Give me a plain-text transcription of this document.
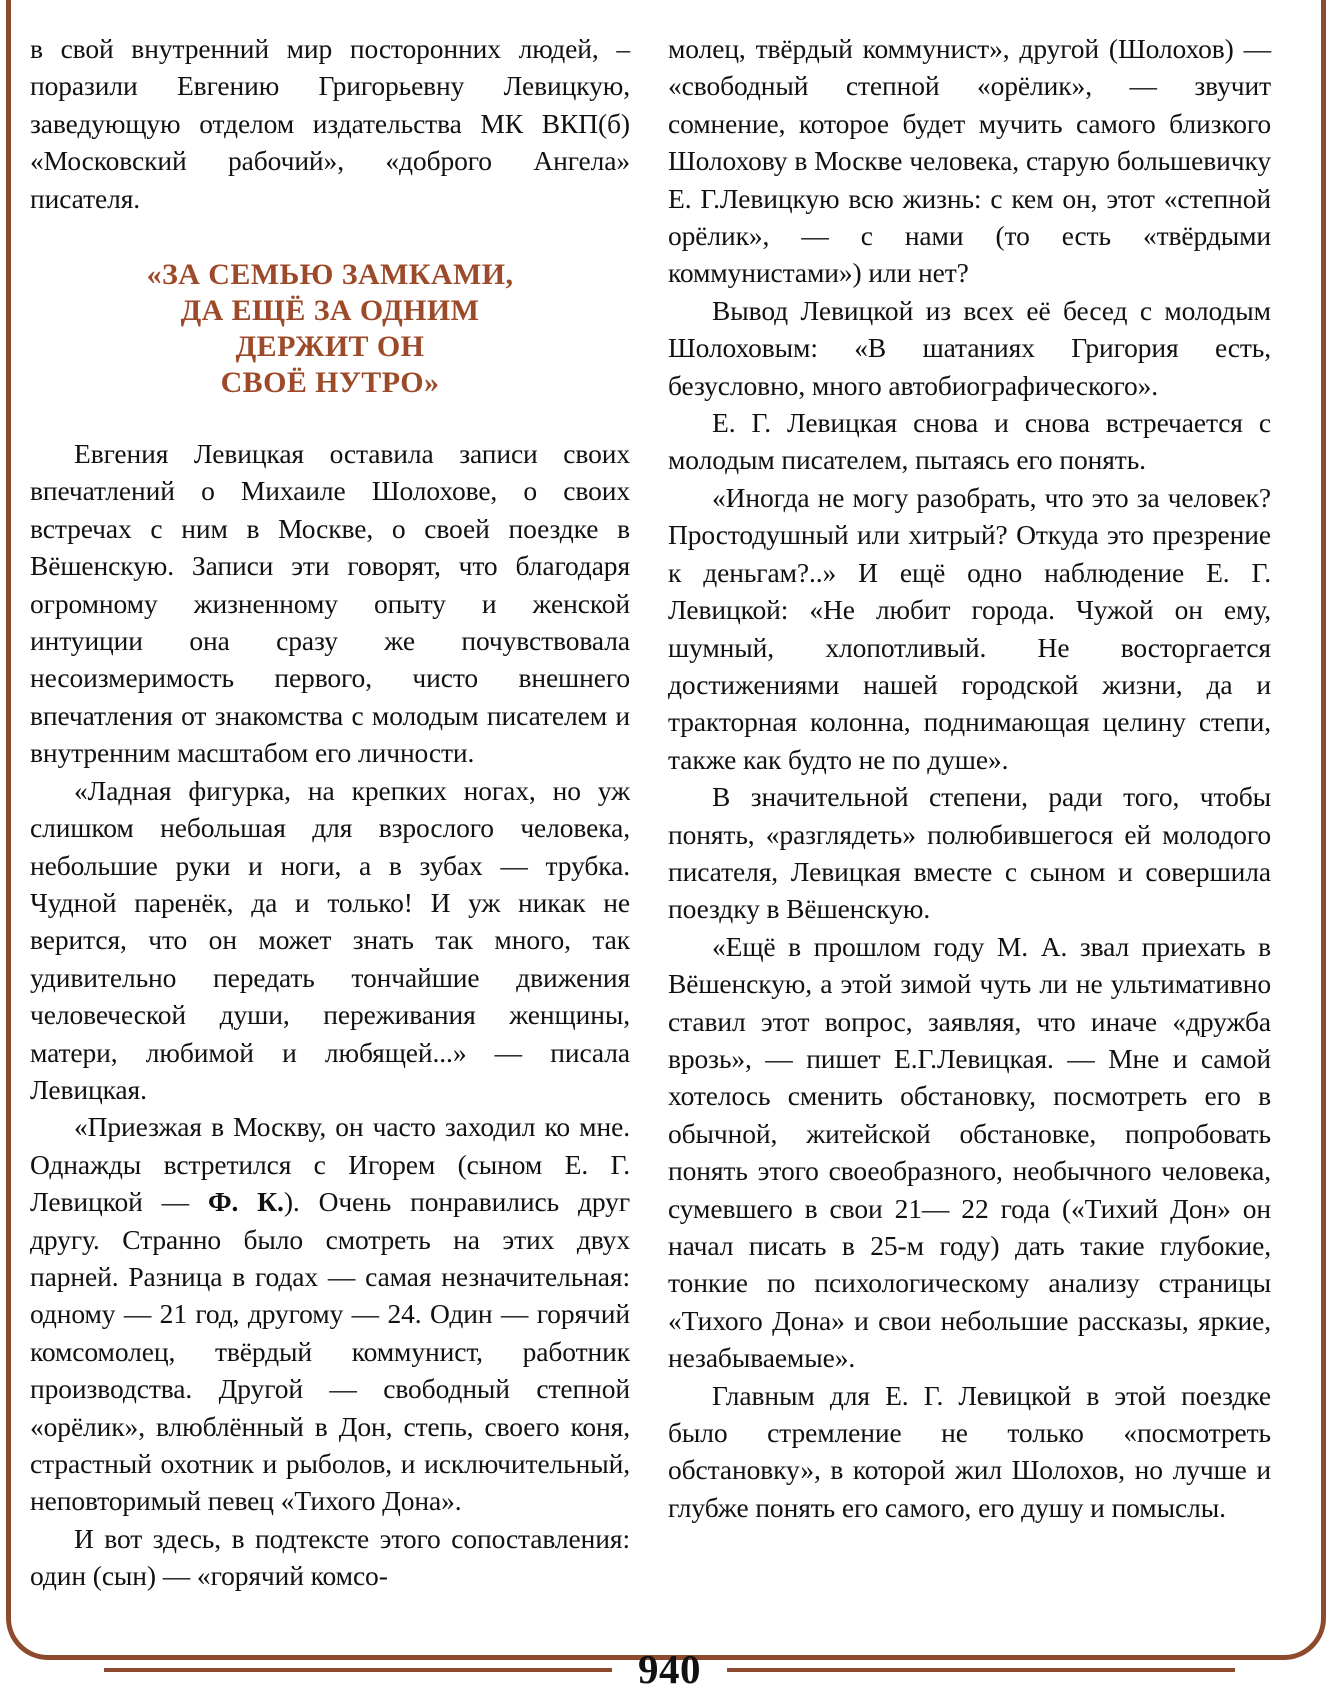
в свой внутренний мир посторонних людей, – поразили Евгению Григорьевну Левицкую, заведующую отделом издательства МК ВКП(б) «Московский рабочий», «доброго Ангела» писателя.

«ЗА СЕМЬЮ ЗАМКАМИ,
ДА ЕЩЁ ЗА ОДНИМ
ДЕРЖИТ ОН
СВОЁ НУТРО»

Евгения Левицкая оставила записи своих впечатлений о Михаиле Шолохове, о своих встречах с ним в Москве, о своей поездке в Вёшенскую. Записи эти говорят, что благодаря огромному жизненному опыту и женской интуиции она сразу же почувствовала несоизмеримость первого, чисто внешнего впечатления от знакомства с молодым писателем и внутренним масштабом его личности.

«Ладная фигурка, на крепких ногах, но уж слишком небольшая для взрослого человека, небольшие руки и ноги, а в зубах — трубка. Чудной паренёк, да и только! И уж никак не верится, что он может знать так много, так удивительно передать тончайшие движения человеческой души, переживания женщины, матери, любимой и любящей...» — писала Левицкая.

«Приезжая в Москву, он часто заходил ко мне. Однажды встретился с Игорем (сыном Е. Г. Левицкой — Ф. К.). Очень понравились друг другу. Странно было смотреть на этих двух парней. Разница в годах — самая незначительная: одному — 21 год, другому — 24. Один — горячий комсомолец, твёрдый коммунист, работник производства. Другой — свободный степной «орёлик», влюблённый в Дон, степь, своего коня, страстный охотник и рыболов, и исключительный, неповторимый певец «Тихого Дона».

И вот здесь, в подтексте этого сопоставления: один (сын) — «горячий комсо-

молец, твёрдый коммунист», другой (Шолохов) — «свободный степной «орёлик», — звучит сомнение, которое будет мучить самого близкого Шолохову в Москве человека, старую большевичку Е. Г.Левицкую всю жизнь: с кем он, этот «степной орёлик», — с нами (то есть «твёрдыми коммунистами») или нет?

Вывод Левицкой из всех её бесед с молодым Шолоховым: «В шатаниях Григория есть, безусловно, много автобиографического».

Е. Г. Левицкая снова и снова встречается с молодым писателем, пытаясь его понять.

«Иногда не могу разобрать, что это за человек? Простодушный или хитрый? Откуда это презрение к деньгам?..» И ещё одно наблюдение Е. Г. Левицкой: «Не любит города. Чужой он ему, шумный, хлопотливый. Не восторгается достижениями нашей городской жизни, да и тракторная колонна, поднимающая целину степи, также как будто не по душе».

В значительной степени, ради того, чтобы понять, «разглядеть» полюбившегося ей молодого писателя, Левицкая вместе с сыном и совершила поездку в Вёшенскую.

«Ещё в прошлом году М. А. звал приехать в Вёшенскую, а этой зимой чуть ли не ультимативно ставил этот вопрос, заявляя, что иначе «дружба врозь», — пишет Е.Г.Левицкая. — Мне и самой хотелось сменить обстановку, посмотреть его в обычной, житейской обстановке, попробовать понять этого своеобразного, необычного человека, сумевшего в свои 21— 22 года («Тихий Дон» он начал писать в 25-м году) дать такие глубокие, тонкие по психологическому анализу страницы «Тихого Дона» и свои небольшие рассказы, яркие, незабываемые».

Главным для Е. Г. Левицкой в этой поездке было стремление не только «посмотреть обстановку», в которой жил Шолохов, но лучше и глубже понять его самого, его душу и помыслы.

940
